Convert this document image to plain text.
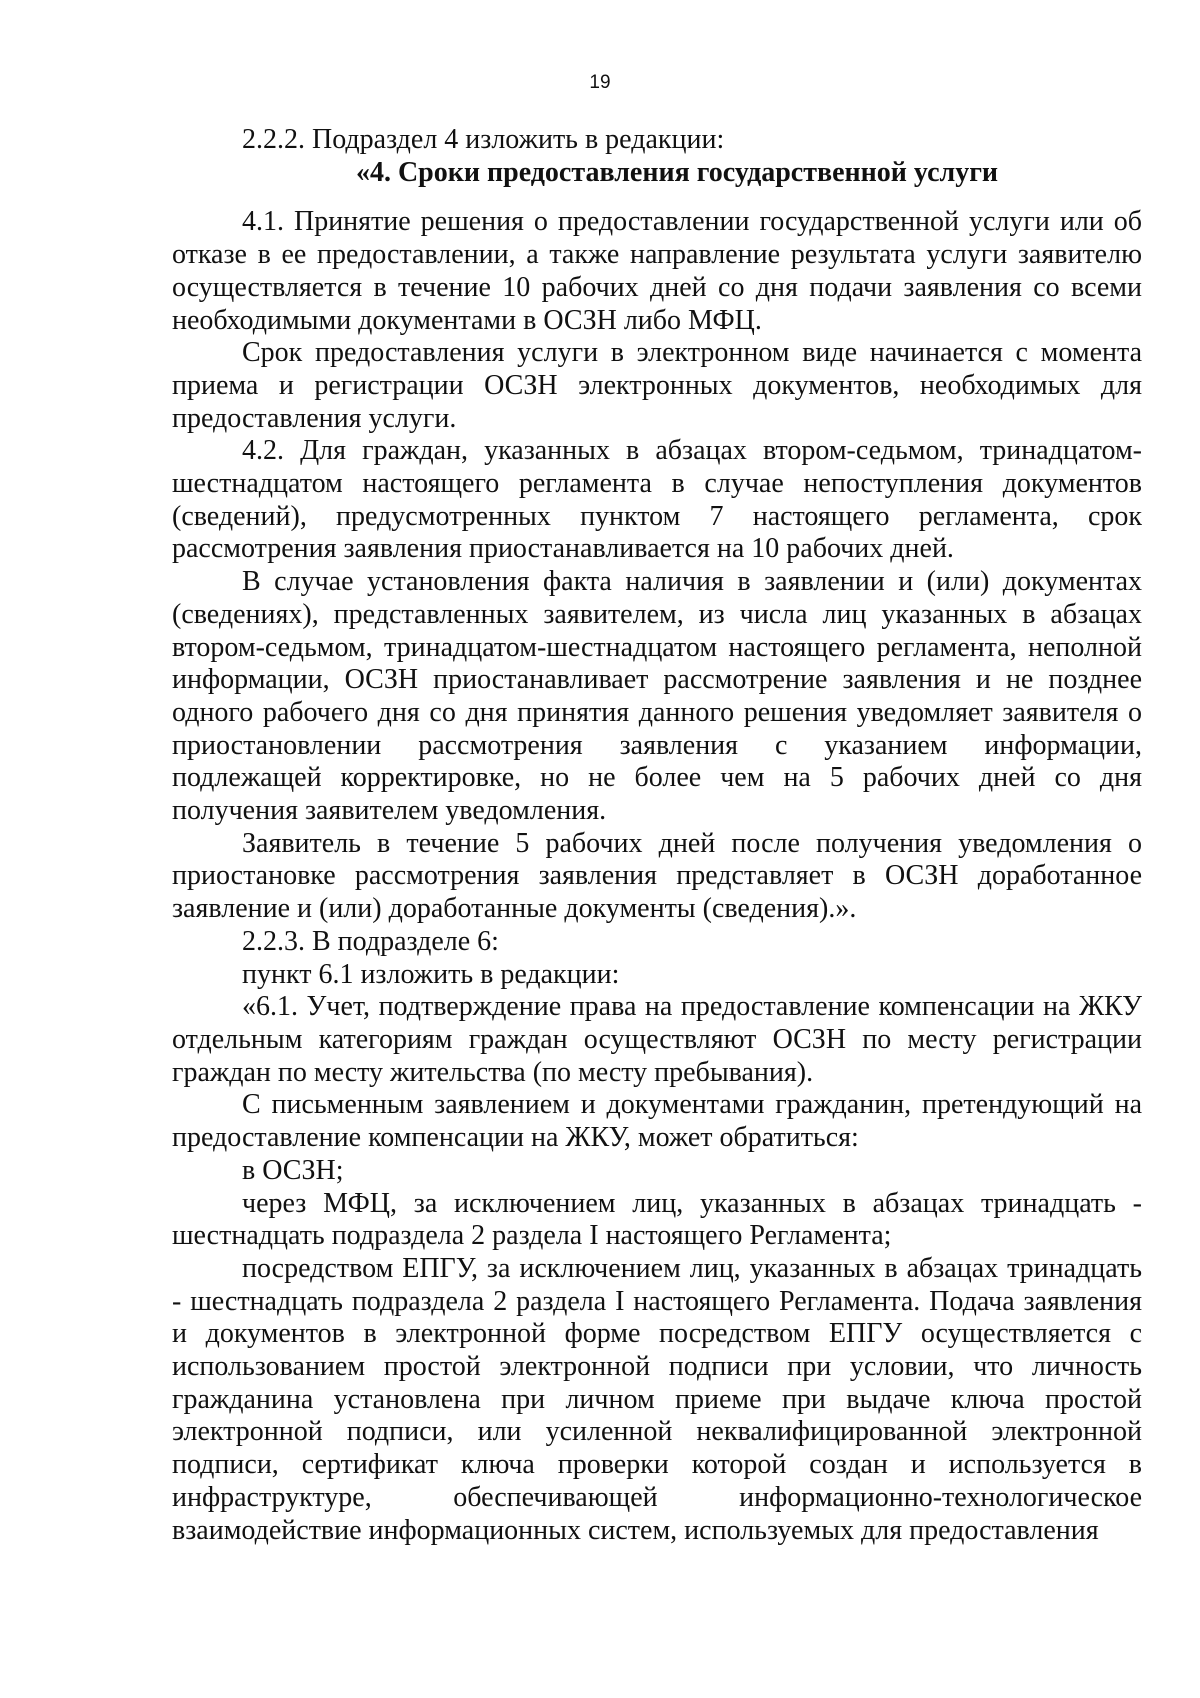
19

2.2.2. Подраздел 4 изложить в редакции:

«4. Сроки предоставления государственной услуги

4.1. Принятие решения о предоставлении государственной услуги или об отказе в ее предоставлении, а также направление результата услуги заявителю осуществляется в течение 10 рабочих дней со дня подачи заявления со всеми необходимыми документами в ОСЗН либо МФЦ.

Срок предоставления услуги в электронном виде начинается с момента приема и регистрации ОСЗН электронных документов, необходимых для предоставления услуги.

4.2. Для граждан, указанных в абзацах втором-седьмом, тринадцатом-шестнадцатом настоящего регламента в случае непоступления документов (сведений), предусмотренных пунктом 7 настоящего регламента, срок рассмотрения заявления приостанавливается на 10 рабочих дней.

В случае установления факта наличия в заявлении и (или) документах (сведениях), представленных заявителем, из числа лиц указанных в абзацах втором-седьмом, тринадцатом-шестнадцатом настоящего регламента, неполной информации, ОСЗН приостанавливает рассмотрение заявления и не позднее одного рабочего дня со дня принятия данного решения уведомляет заявителя о приостановлении рассмотрения заявления с указанием информации, подлежащей корректировке, но не более чем на 5 рабочих дней со дня получения заявителем уведомления.

Заявитель в течение 5 рабочих дней после получения уведомления о приостановке рассмотрения заявления представляет в ОСЗН доработанное заявление и (или) доработанные документы (сведения).».

2.2.3. В подразделе 6:

пункт 6.1 изложить в редакции:

«6.1. Учет, подтверждение права на предоставление компенсации на ЖКУ отдельным категориям граждан осуществляют ОСЗН по месту регистрации граждан по месту жительства (по месту пребывания).

С письменным заявлением и документами гражданин, претендующий на предоставление компенсации на ЖКУ, может обратиться:

в ОСЗН;

через МФЦ, за исключением лиц, указанных в абзацах тринадцать - шестнадцать подраздела 2 раздела I настоящего Регламента;

посредством ЕПГУ, за исключением лиц, указанных в абзацах тринадцать - шестнадцать подраздела 2 раздела I настоящего Регламента. Подача заявления и документов в электронной форме посредством ЕПГУ осуществляется с использованием простой электронной подписи при условии, что личность гражданина установлена при личном приеме при выдаче ключа простой электронной подписи, или усиленной неквалифицированной электронной подписи, сертификат ключа проверки которой создан и используется в инфраструктуре, обеспечивающей информационно-технологическое взаимодействие информационных систем, используемых для предоставления
